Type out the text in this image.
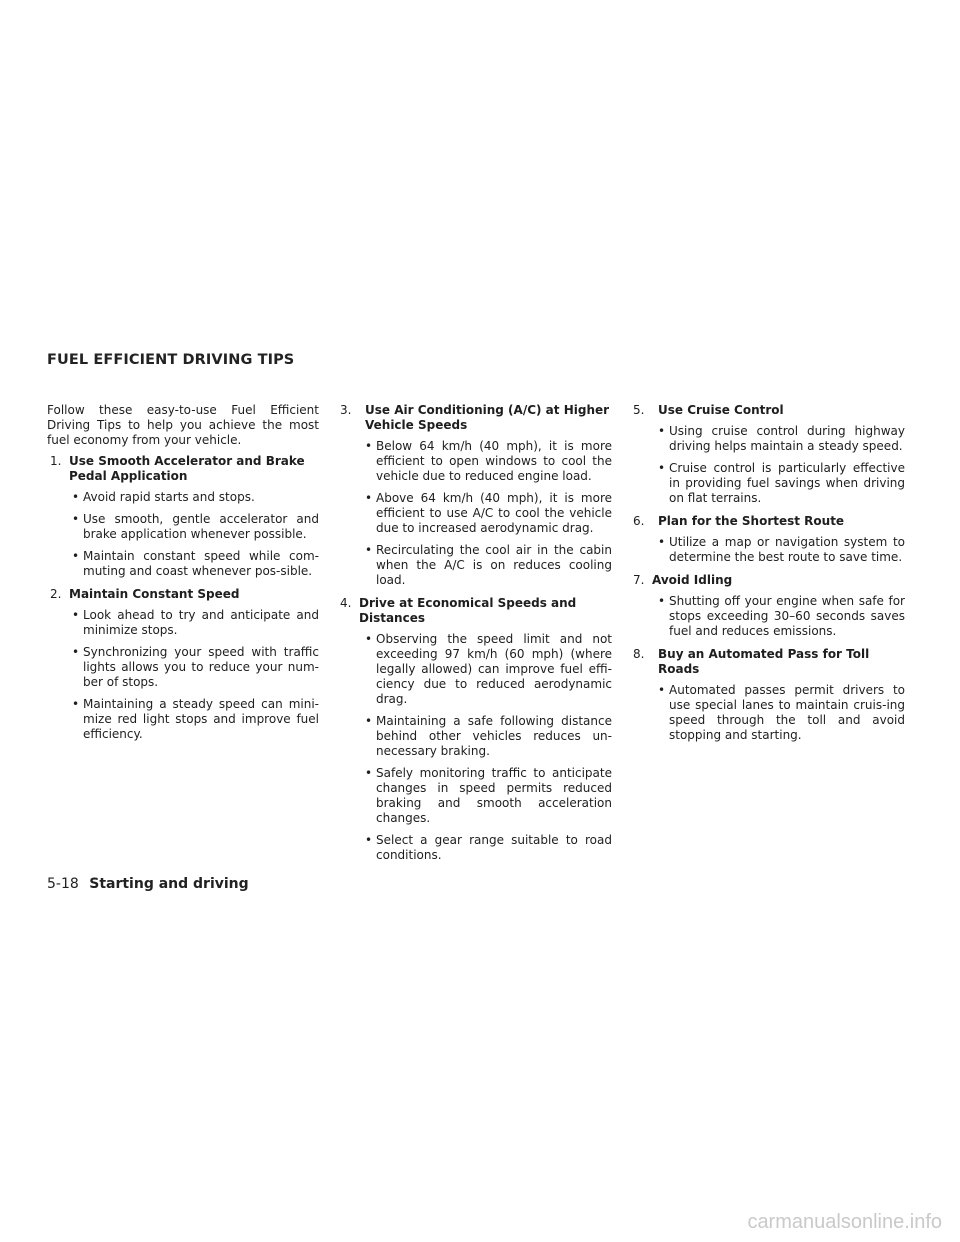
FUEL EFFICIENT DRIVING TIPS

Follow these easy-to-use Fuel Efficient Driving Tips to help you achieve the most fuel economy from your vehicle.

1. Use Smooth Accelerator and Brake Pedal Application
• Avoid rapid starts and stops.
• Use smooth, gentle accelerator and brake application whenever possible.
• Maintain constant speed while com-muting and coast whenever pos-sible.
2. Maintain Constant Speed
• Look ahead to try and anticipate and minimize stops.
• Synchronizing your speed with traffic lights allows you to reduce your num-ber of stops.
• Maintaining a steady speed can mini-mize red light stops and improve fuel efficiency.
3.	Use Air Conditioning (A/C) at Higher Vehicle Speeds
• Below 64 km/h (40 mph), it is more efficient to open windows to cool the vehicle due to reduced engine load.
• Above 64 km/h (40 mph), it is more efficient to use A/C to cool the vehicle due to increased aerodynamic drag.
• Recirculating the cool air in the cabin when the A/C is on reduces cooling load.
4. Drive at Economical Speeds and Distances
• Observing the speed limit and not exceeding 97 km/h (60 mph) (where legally allowed) can improve fuel effi-ciency due to reduced aerodynamic drag.
• Maintaining a safe following distance behind other vehicles reduces un-necessary braking.
• Safely monitoring traffic to anticipate changes in speed permits reduced braking and smooth acceleration changes.
• Select a gear range suitable to road conditions.
5.	Use Cruise Control
• Using cruise control during highway driving helps maintain a steady speed.
• Cruise control is particularly effective in providing fuel savings when driving on flat terrains.
6.	Plan for the Shortest Route
• Utilize a map or navigation system to determine the best route to save time.
7. Avoid Idling
• Shutting off your engine when safe for stops exceeding 30–60 seconds saves fuel and reduces emissions.
8.	Buy an Automated Pass for Toll Roads
• Automated passes permit drivers to use special lanes to maintain cruis-ing speed through the toll and avoid stopping and starting.
5-18 Starting and driving
carmanualsonline.info
